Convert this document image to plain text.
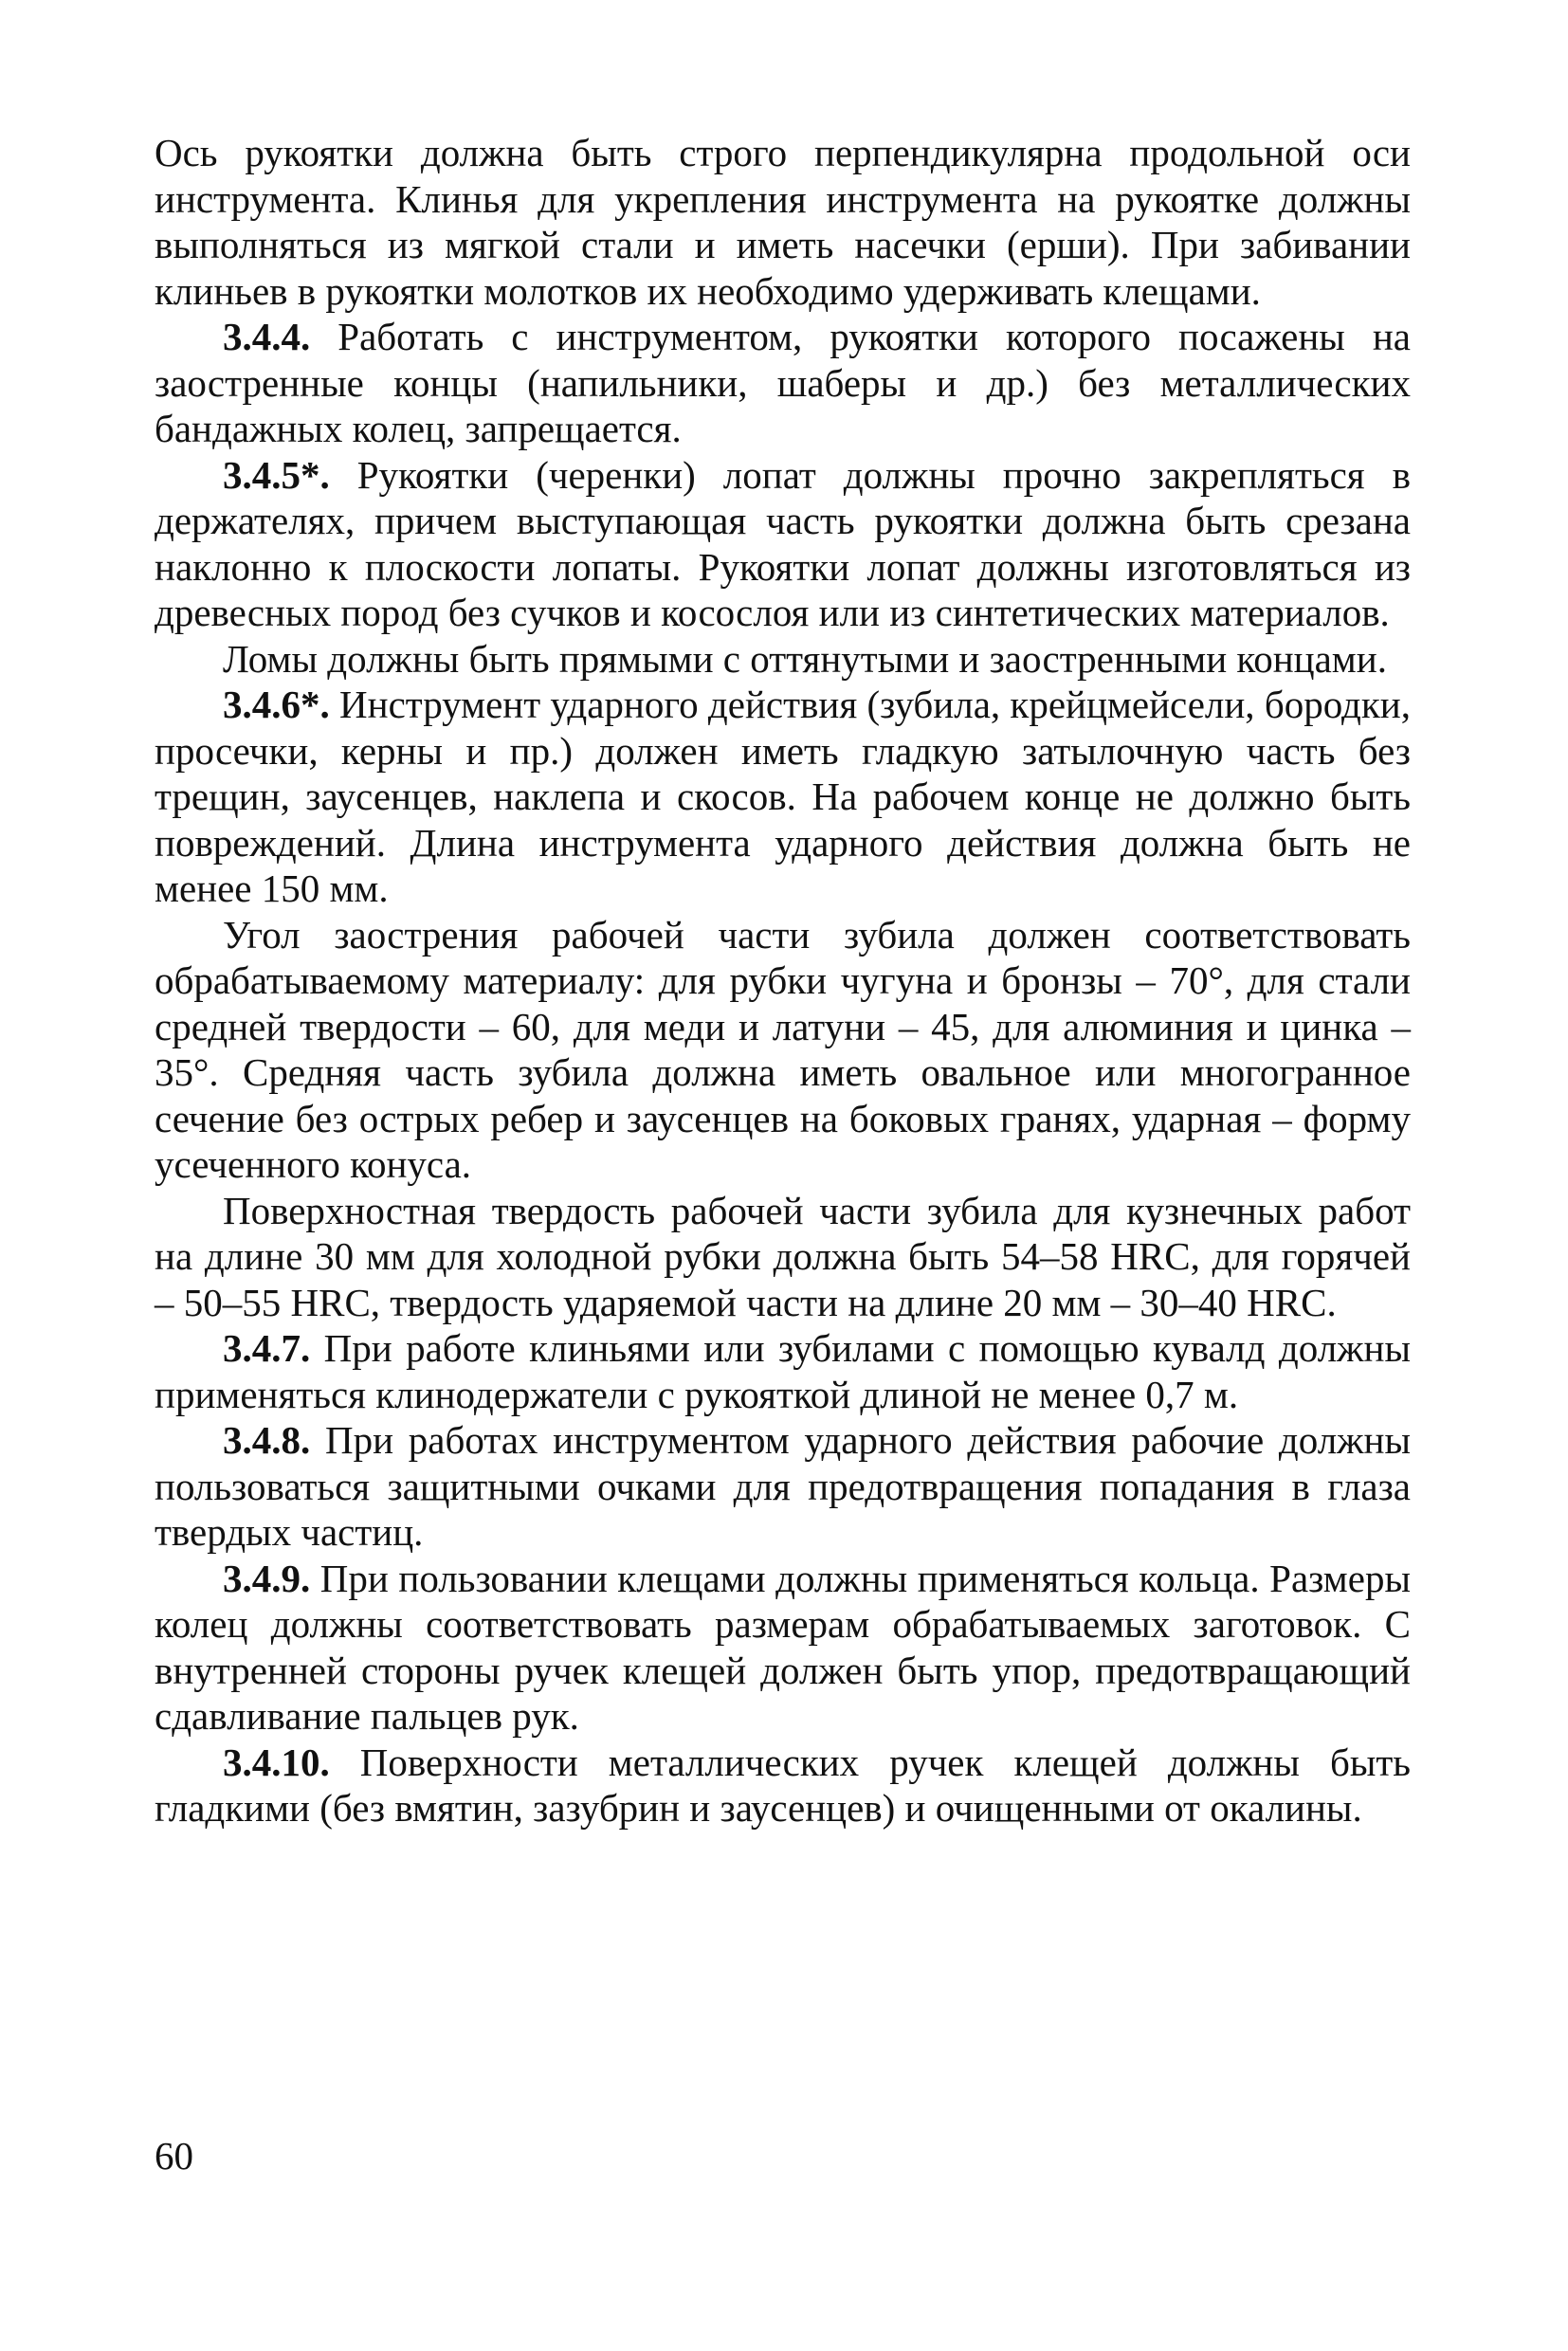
Ось рукоятки должна быть строго перпендикулярна продольной оси инструмента. Клинья для укрепления инструмента на рукоятке должны выполняться из мягкой стали и иметь насечки (ерши). При забивании клиньев в рукоятки молотков их необходимо удерживать клещами.

3.4.4. Работать с инструментом, рукоятки которого посажены на заостренные концы (напильники, шаберы и др.) без металлических бандажных колец, запрещается.

3.4.5*. Рукоятки (черенки) лопат должны прочно закрепляться в держателях, причем выступающая часть рукоятки должна быть срезана наклонно к плоскости лопаты. Рукоятки лопат должны изготовляться из древесных пород без сучков и косослоя или из синтетических материалов.

Ломы должны быть прямыми с оттянутыми и заостренными концами.

3.4.6*. Инструмент ударного действия (зубила, крейцмейсели, бородки, просечки, керны и пр.) должен иметь гладкую затылочную часть без трещин, заусенцев, наклепа и скосов. На рабочем конце не должно быть повреждений. Длина инструмента ударного действия должна быть не менее 150 мм.

Угол заострения рабочей части зубила должен соответствовать обрабатываемому материалу: для рубки чугуна и бронзы – 70°, для стали средней твердости – 60, для меди и латуни – 45, для алюминия и цинка – 35°. Средняя часть зубила должна иметь овальное или многогранное сечение без острых ребер и заусенцев на боковых гранях, ударная – форму усеченного конуса.

Поверхностная твердость рабочей части зубила для кузнечных работ на длине 30 мм для холодной рубки должна быть 54–58 HRC, для горячей – 50–55 HRC, твердость ударяемой части на длине 20 мм – 30–40 HRC.

3.4.7. При работе клиньями или зубилами с помощью кувалд должны применяться клинодержатели с рукояткой длиной не менее 0,7 м.

3.4.8. При работах инструментом ударного действия рабочие должны пользоваться защитными очками для предотвращения попадания в глаза твердых частиц.

3.4.9. При пользовании клещами должны применяться кольца. Размеры колец должны соответствовать размерам обрабатываемых заготовок. С внутренней стороны ручек клещей должен быть упор, предотвращающий сдавливание пальцев рук.

3.4.10. Поверхности металлических ручек клещей должны быть гладкими (без вмятин, зазубрин и заусенцев) и очищенными от окалины.

60
